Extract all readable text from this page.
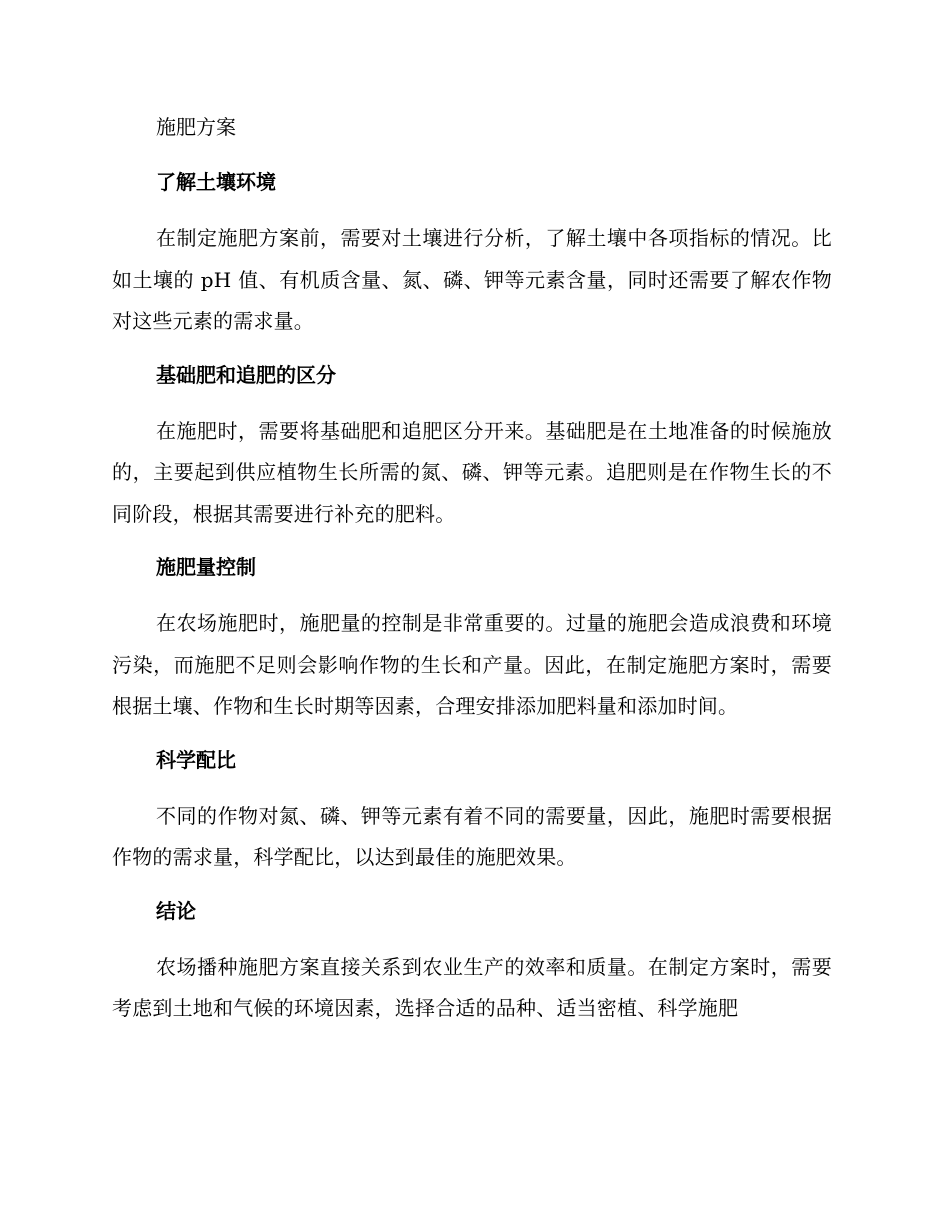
施肥方案
了解土壤环境

在制定施肥方案前，需要对土壤进行分析，了解土壤中各项指标的情况。比如土壤的 pH 值、有机质含量、氮、磷、钾等元素含量，同时还需要了解农作物对这些元素的需求量。

基础肥和追肥的区分

在施肥时，需要将基础肥和追肥区分开来。基础肥是在土地准备的时候施放的，主要起到供应植物生长所需的氮、磷、钾等元素。追肥则是在作物生长的不同阶段，根据其需要进行补充的肥料。

施肥量控制

在农场施肥时，施肥量的控制是非常重要的。过量的施肥会造成浪费和环境污染，而施肥不足则会影响作物的生长和产量。因此，在制定施肥方案时，需要根据土壤、作物和生长时期等因素，合理安排添加肥料量和添加时间。

科学配比

不同的作物对氮、磷、钾等元素有着不同的需要量，因此，施肥时需要根据作物的需求量，科学配比，以达到最佳的施肥效果。

结论

农场播种施肥方案直接关系到农业生产的效率和质量。在制定方案时，需要考虑到土地和气候的环境因素，选择合适的品种、适当密植、科学施肥
